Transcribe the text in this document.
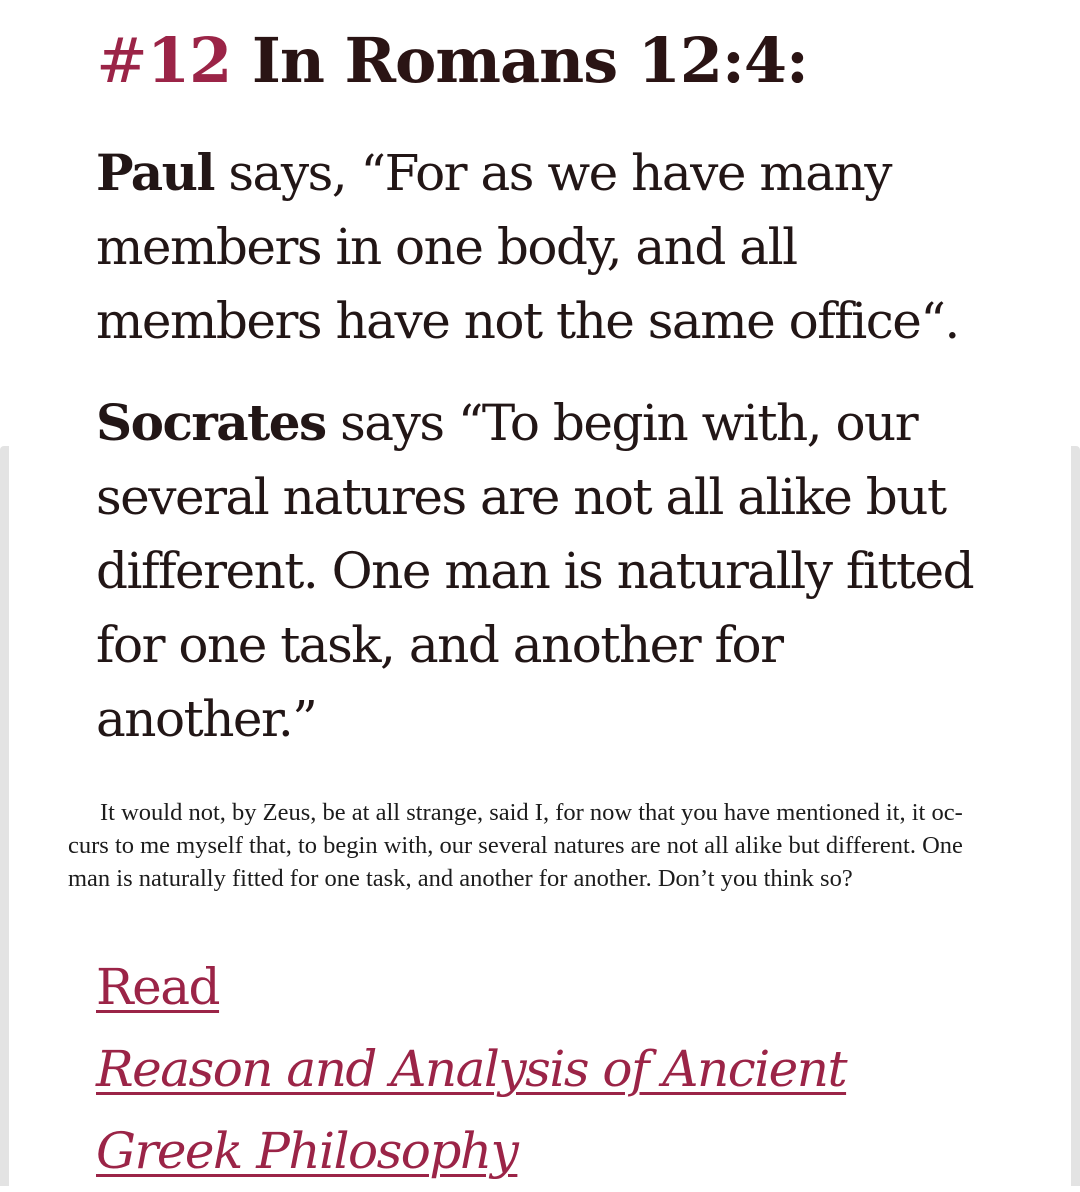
#12 In Romans 12:4:

Paul says, “For as we have many
members in one body, and all
members have not the same office“.

Socrates says “To begin with, our
several natures are not all alike but
different. One man is naturally fitted
for one task, and another for
another.”

It would not, by Zeus, be at all strange, said I, for now that you have mentioned it, it oc-
curs to me myself that, to begin with, our several natures are not all alike but different. One
man is naturally fitted for one task, and another for another. Don’t you think so?

Read
Reason and Analysis of Ancient
Greek Philosophy
